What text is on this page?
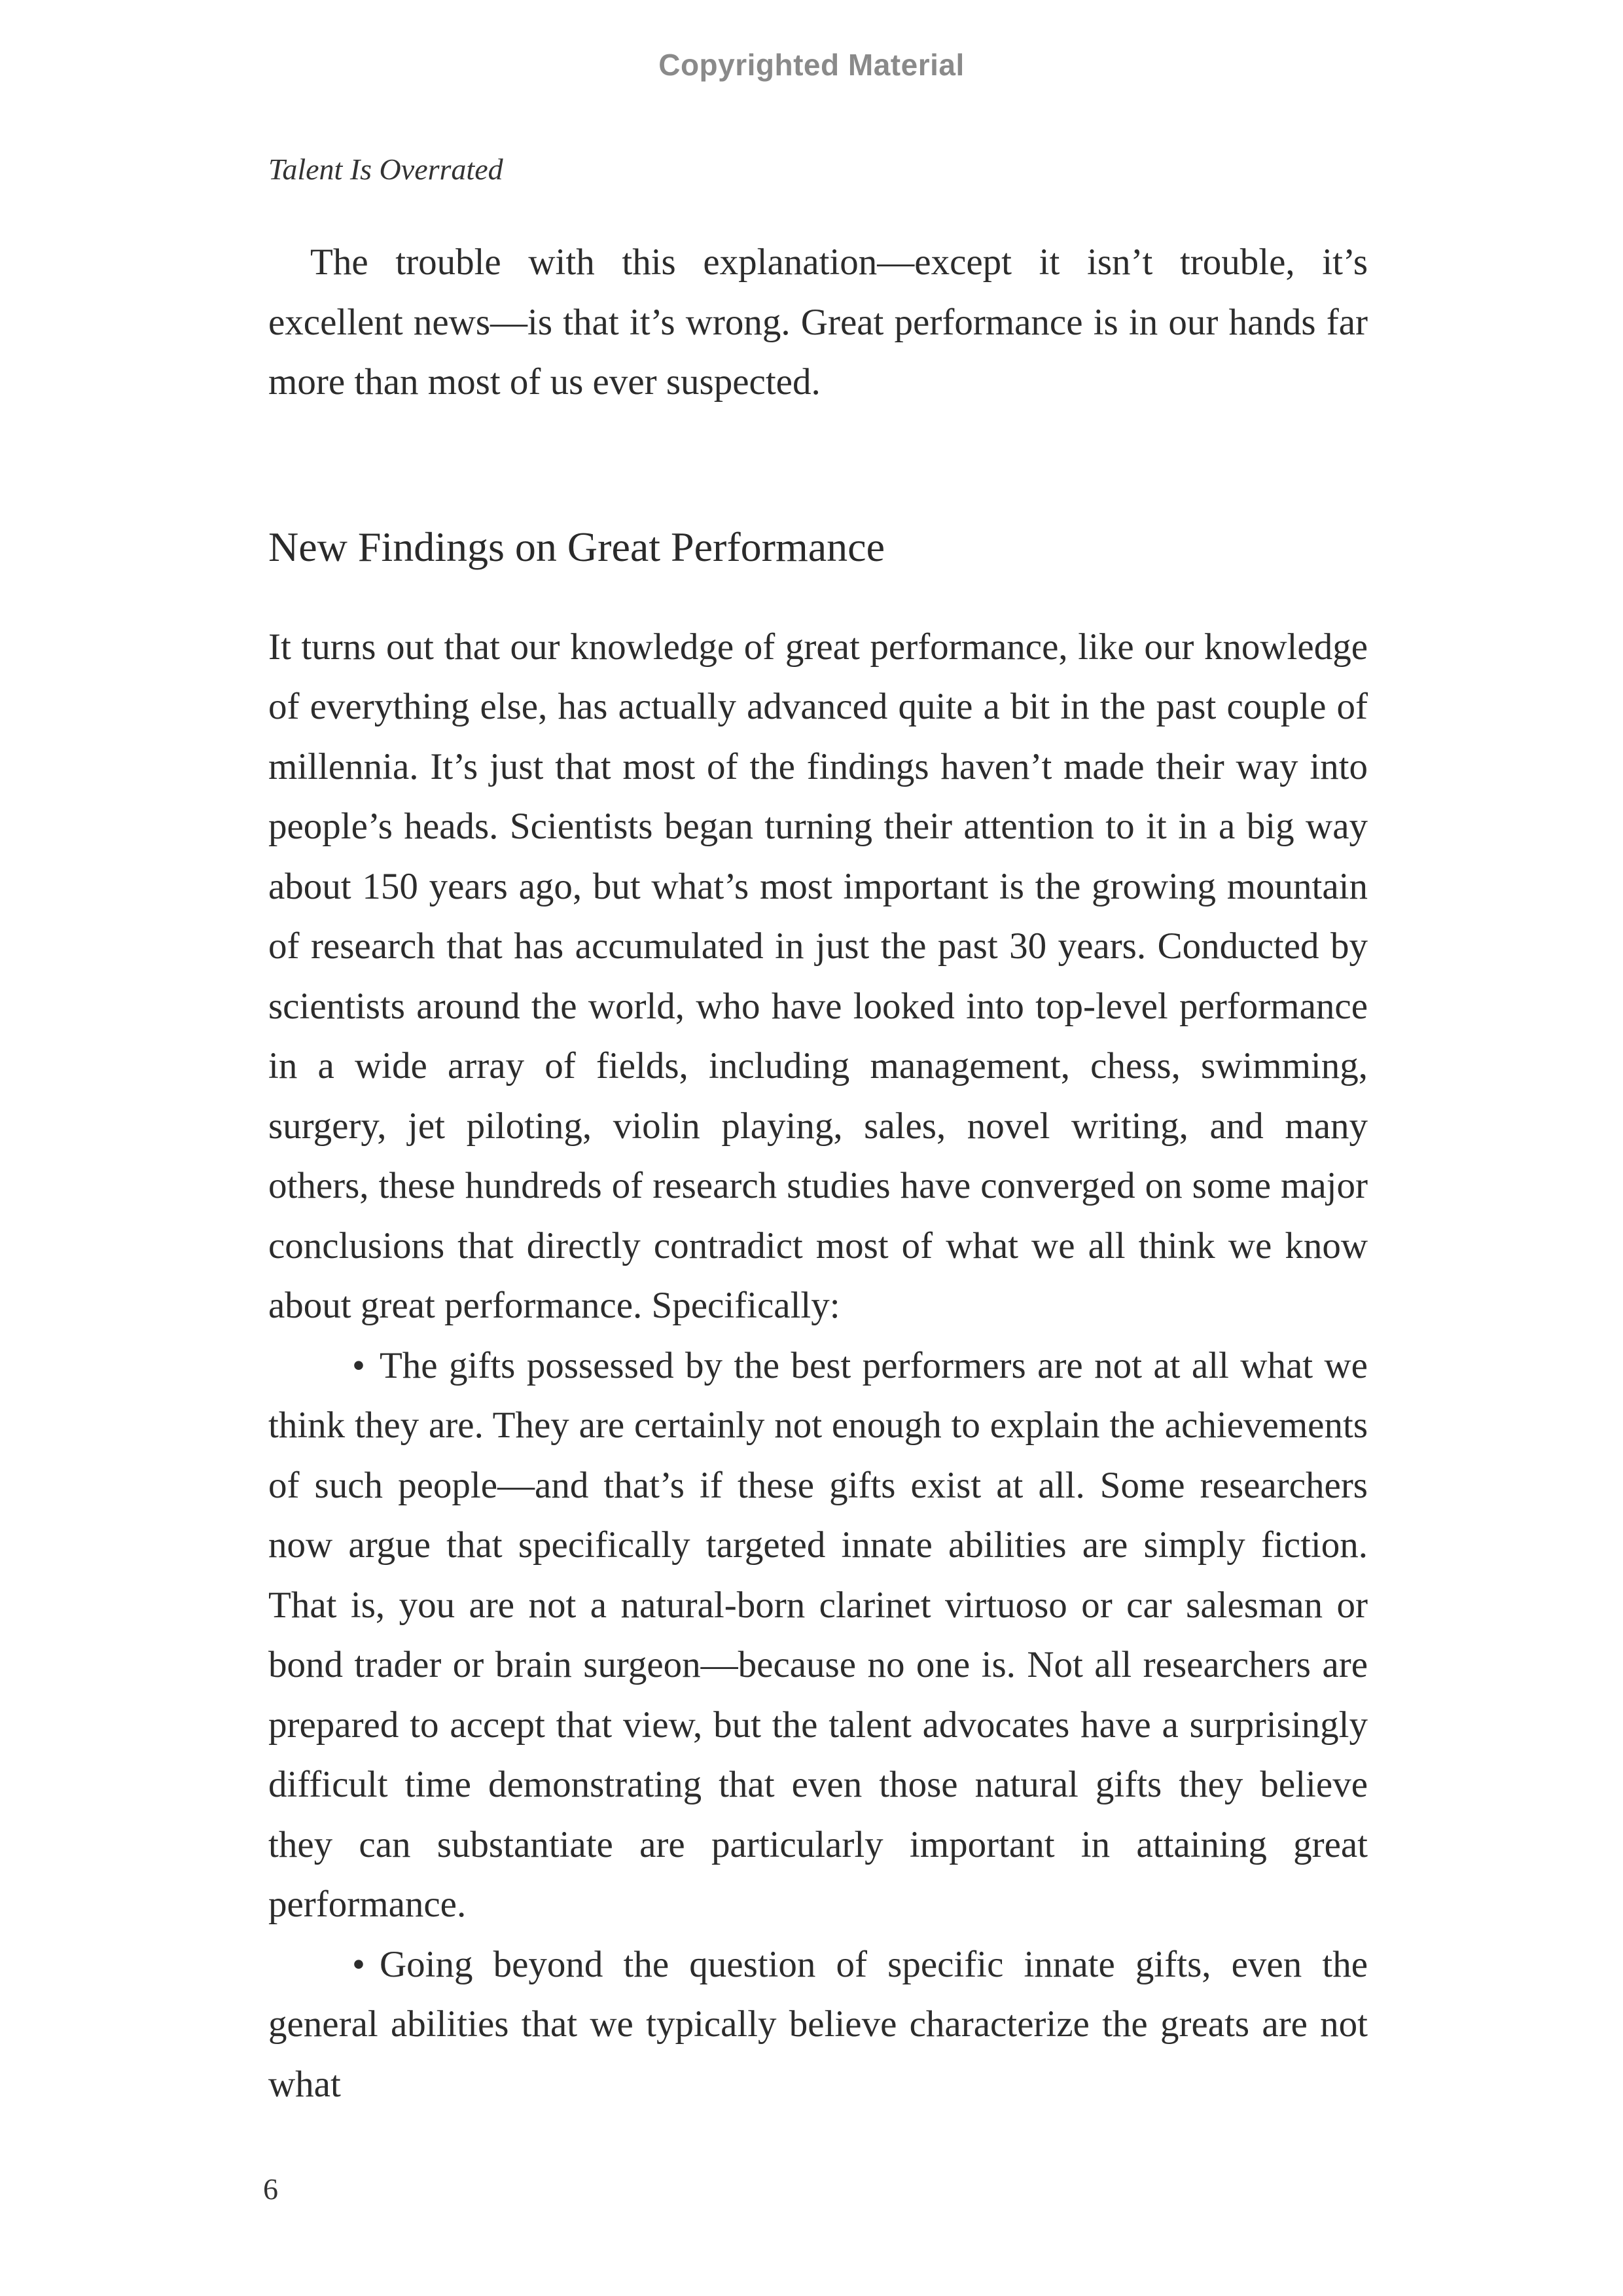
Copyrighted Material
Talent Is Overrated

The trouble with this explanation—except it isn’t trouble, it’s excellent news—is that it’s wrong. Great performance is in our hands far more than most of us ever suspected.

New Findings on Great Performance

It turns out that our knowledge of great performance, like our knowledge of everything else, has actually advanced quite a bit in the past couple of millennia. It’s just that most of the findings haven’t made their way into people’s heads. Scientists began turning their attention to it in a big way about 150 years ago, but what’s most important is the growing mountain of research that has accumulated in just the past 30 years. Conducted by scientists around the world, who have looked into top-level performance in a wide array of fields, including management, chess, swimming, surgery, jet piloting, violin playing, sales, novel writing, and many others, these hundreds of research studies have converged on some major conclusions that directly contradict most of what we all think we know about great performance. Specifically:

• The gifts possessed by the best performers are not at all what we think they are. They are certainly not enough to explain the achievements of such people—and that’s if these gifts exist at all. Some researchers now argue that specifically targeted innate abilities are simply fiction. That is, you are not a natural-born clarinet virtuoso or car salesman or bond trader or brain surgeon—because no one is. Not all researchers are prepared to accept that view, but the talent advocates have a surprisingly difficult time demonstrating that even those natural gifts they believe they can substantiate are particularly important in attaining great performance.

• Going beyond the question of specific innate gifts, even the general abilities that we typically believe characterize the greats are not what

6
